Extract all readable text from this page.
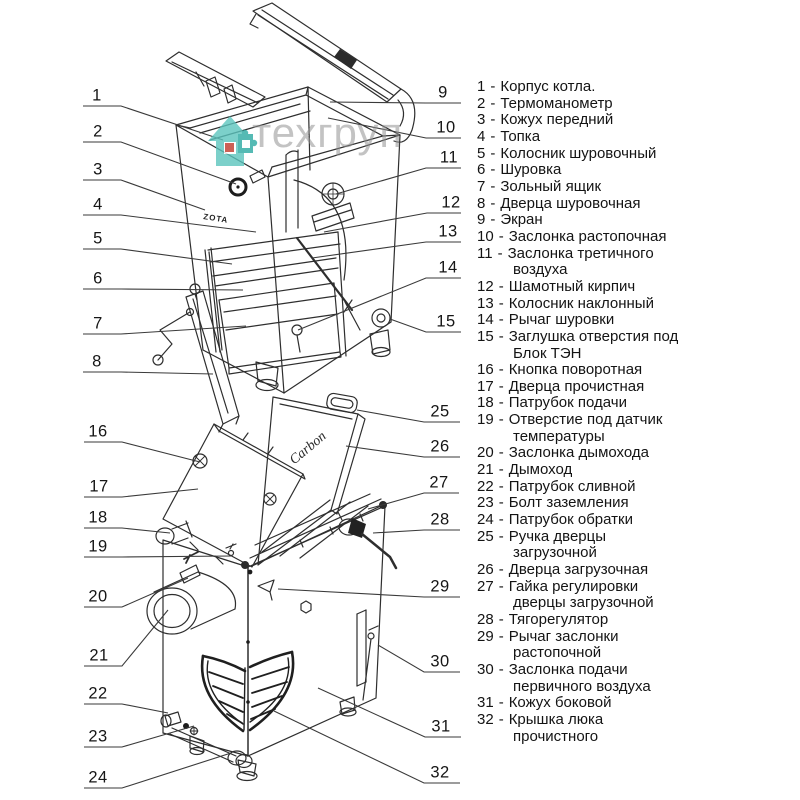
ZOTA
Carbon
техгруп
1
2
3
4
5
6
7
8
9
10
11
12
13
14
15
16
17
18
19
20
21
22
23
24
25
26
27
28
29
30
31
32
1 - Корпус котла.
2 - Термоманометр
3 - Кожух передний
4 - Топка
5 - Колосник шуровочный
6 - Шуровка
7 - Зольный ящик
8 - Дверца шуровочная
9 - Экран
10 - Заслонка растопочная
11 - Заслонка третичного
воздуха
12 - Шамотный кирпич
13 - Колосник наклонный
14 - Рычаг шуровки
15 - Заглушка отверстия под
Блок ТЭН
16 - Кнопка поворотная
17 - Дверца прочистная
18 - Патрубок подачи
19 - Отверстие под датчик
температуры
20 - Заслонка дымохода
21 - Дымоход
22 - Патрубок сливной
23 - Болт заземления
24 - Патрубок обратки
25 - Ручка дверцы
загрузочной
26 - Дверца загрузочная
27 - Гайка регулировки
дверцы загрузочной
28 - Тягорегулятор
29 - Рычаг заслонки
растопочной
30 - Заслонка подачи
первичного воздуха
31 - Кожух боковой
32 - Крышка люка
прочистного
